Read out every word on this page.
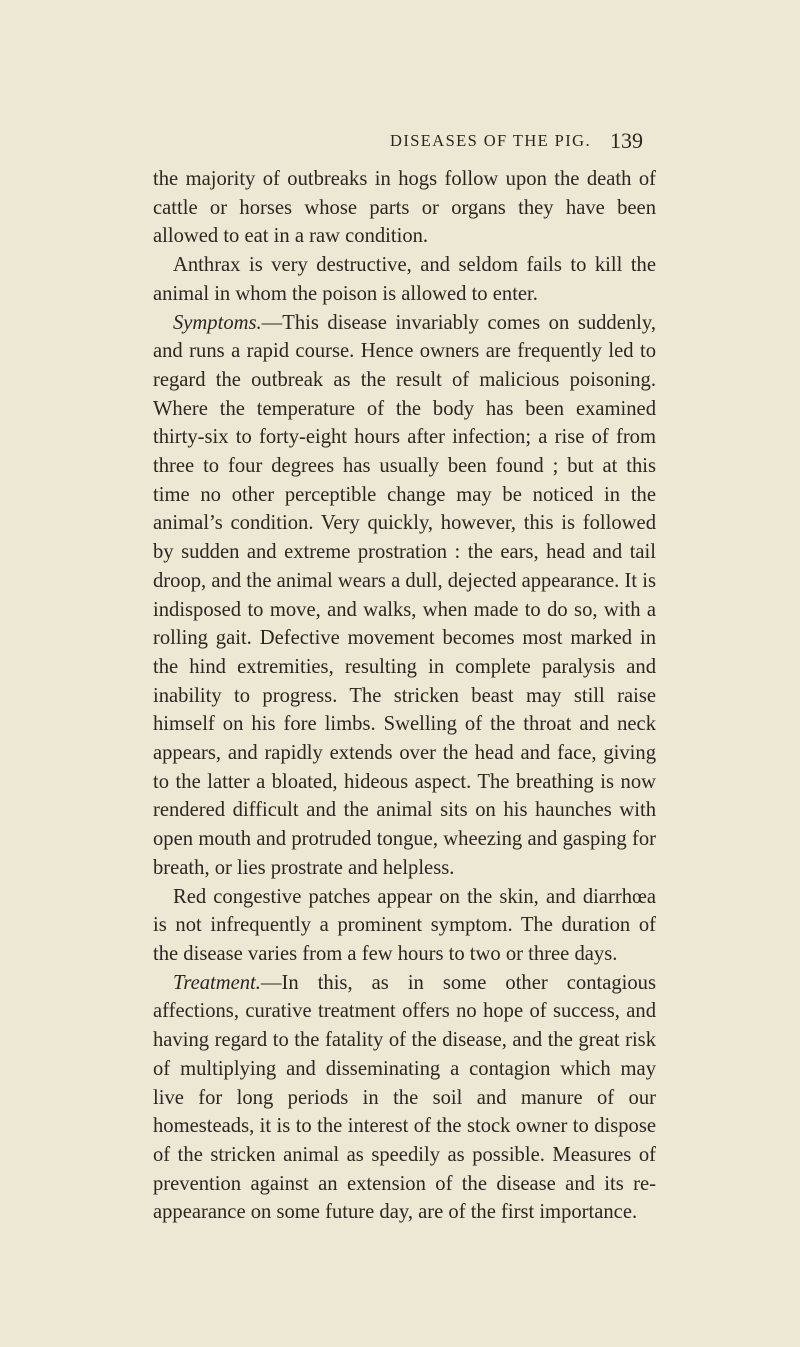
DISEASES OF THE PIG. 139

the majority of outbreaks in hogs follow upon the death of cattle or horses whose parts or organs they have been allowed to eat in a raw condition.

Anthrax is very destructive, and seldom fails to kill the animal in whom the poison is allowed to enter.

Symptoms.—This disease invariably comes on suddenly, and runs a rapid course. Hence owners are frequently led to regard the outbreak as the result of malicious poisoning. Where the temperature of the body has been examined thirty-six to forty-eight hours after infection; a rise of from three to four degrees has usually been found ; but at this time no other perceptible change may be noticed in the animal’s condition. Very quickly, however, this is followed by sudden and extreme prostration : the ears, head and tail droop, and the animal wears a dull, dejected appearance. It is indisposed to move, and walks, when made to do so, with a rolling gait. Defective movement becomes most marked in the hind extremities, resulting in complete paralysis and inability to progress. The stricken beast may still raise himself on his fore limbs. Swelling of the throat and neck appears, and rapidly extends over the head and face, giving to the latter a bloated, hideous aspect. The breathing is now rendered difficult and the animal sits on his haunches with open mouth and protruded tongue, wheezing and gasping for breath, or lies prostrate and helpless.

Red congestive patches appear on the skin, and diarrhœa is not infrequently a prominent symptom. The duration of the disease varies from a few hours to two or three days.

Treatment.—In this, as in some other contagious affections, curative treatment offers no hope of success, and having regard to the fatality of the disease, and the great risk of multiplying and disseminating a contagion which may live for long periods in the soil and manure of our homesteads, it is to the interest of the stock owner to dispose of the stricken animal as speedily as possible. Measures of prevention against an extension of the disease and its re-appearance on some future day, are of the first importance.
